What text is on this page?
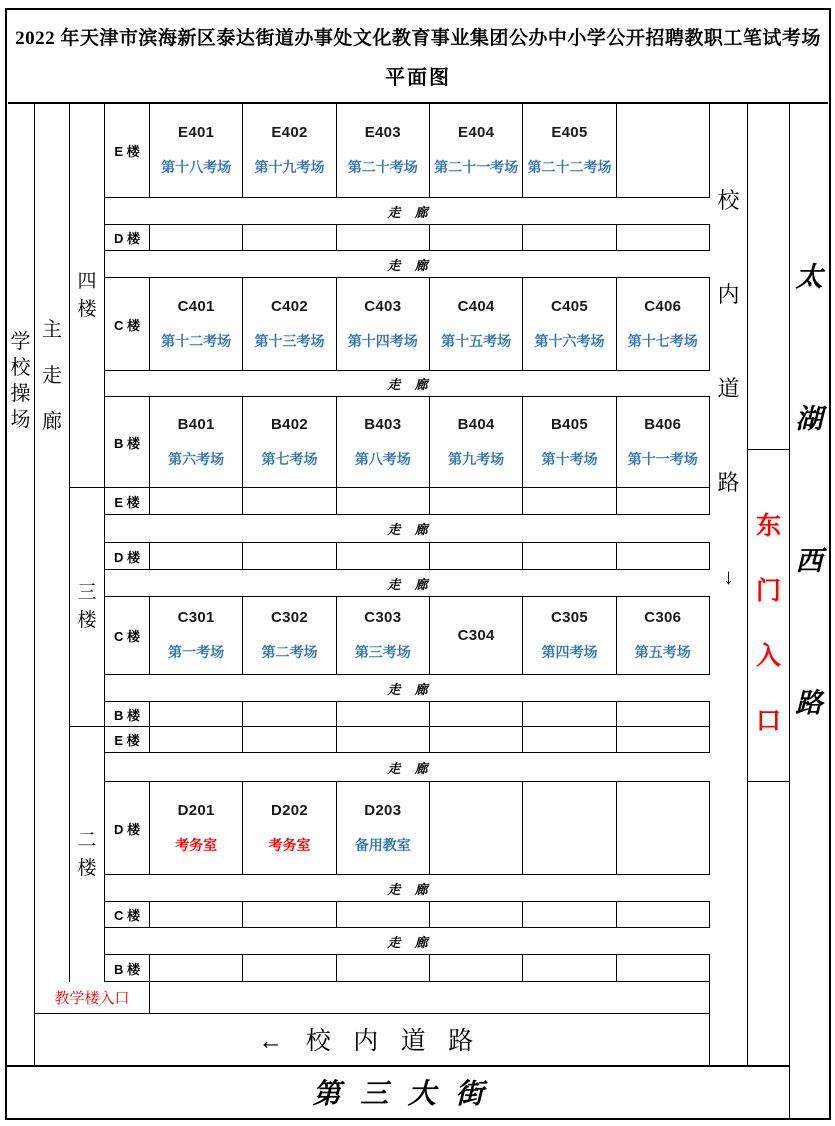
2022 年天津市滨海新区泰达街道办事处文化教育事业集团公办中小学公开招聘教职工笔试考场
平面图
学校操场
主走廊
四楼
三楼
二楼
E 楼
E401
第十八考场
E402
第十九考场
E403
第二十考场
E404
第二十一考场
E405
第二十二考场
走廊
D 楼
走廊
C 楼
C401
第十二考场
C402
第十三考场
C403
第十四考场
C404
第十五考场
C405
第十六考场
C406
第十七考场
走廊
B 楼
B401
第六考场
B402
第七考场
B403
第八考场
B404
第九考场
B405
第十考场
B406
第十一考场
E 楼
走廊
D 楼
走廊
C 楼
C301
第一考场
C302
第二考场
C303
第三考场
C304
C305
第四考场
C306
第五考场
走廊
B 楼
E 楼
走廊
D 楼
D201
考务室
D202
考务室
D203
备用教室
走廊
C 楼
走廊
B 楼
校内道路↓
东门入口
太湖西路
教学楼入口
←校内道路
第三大街
